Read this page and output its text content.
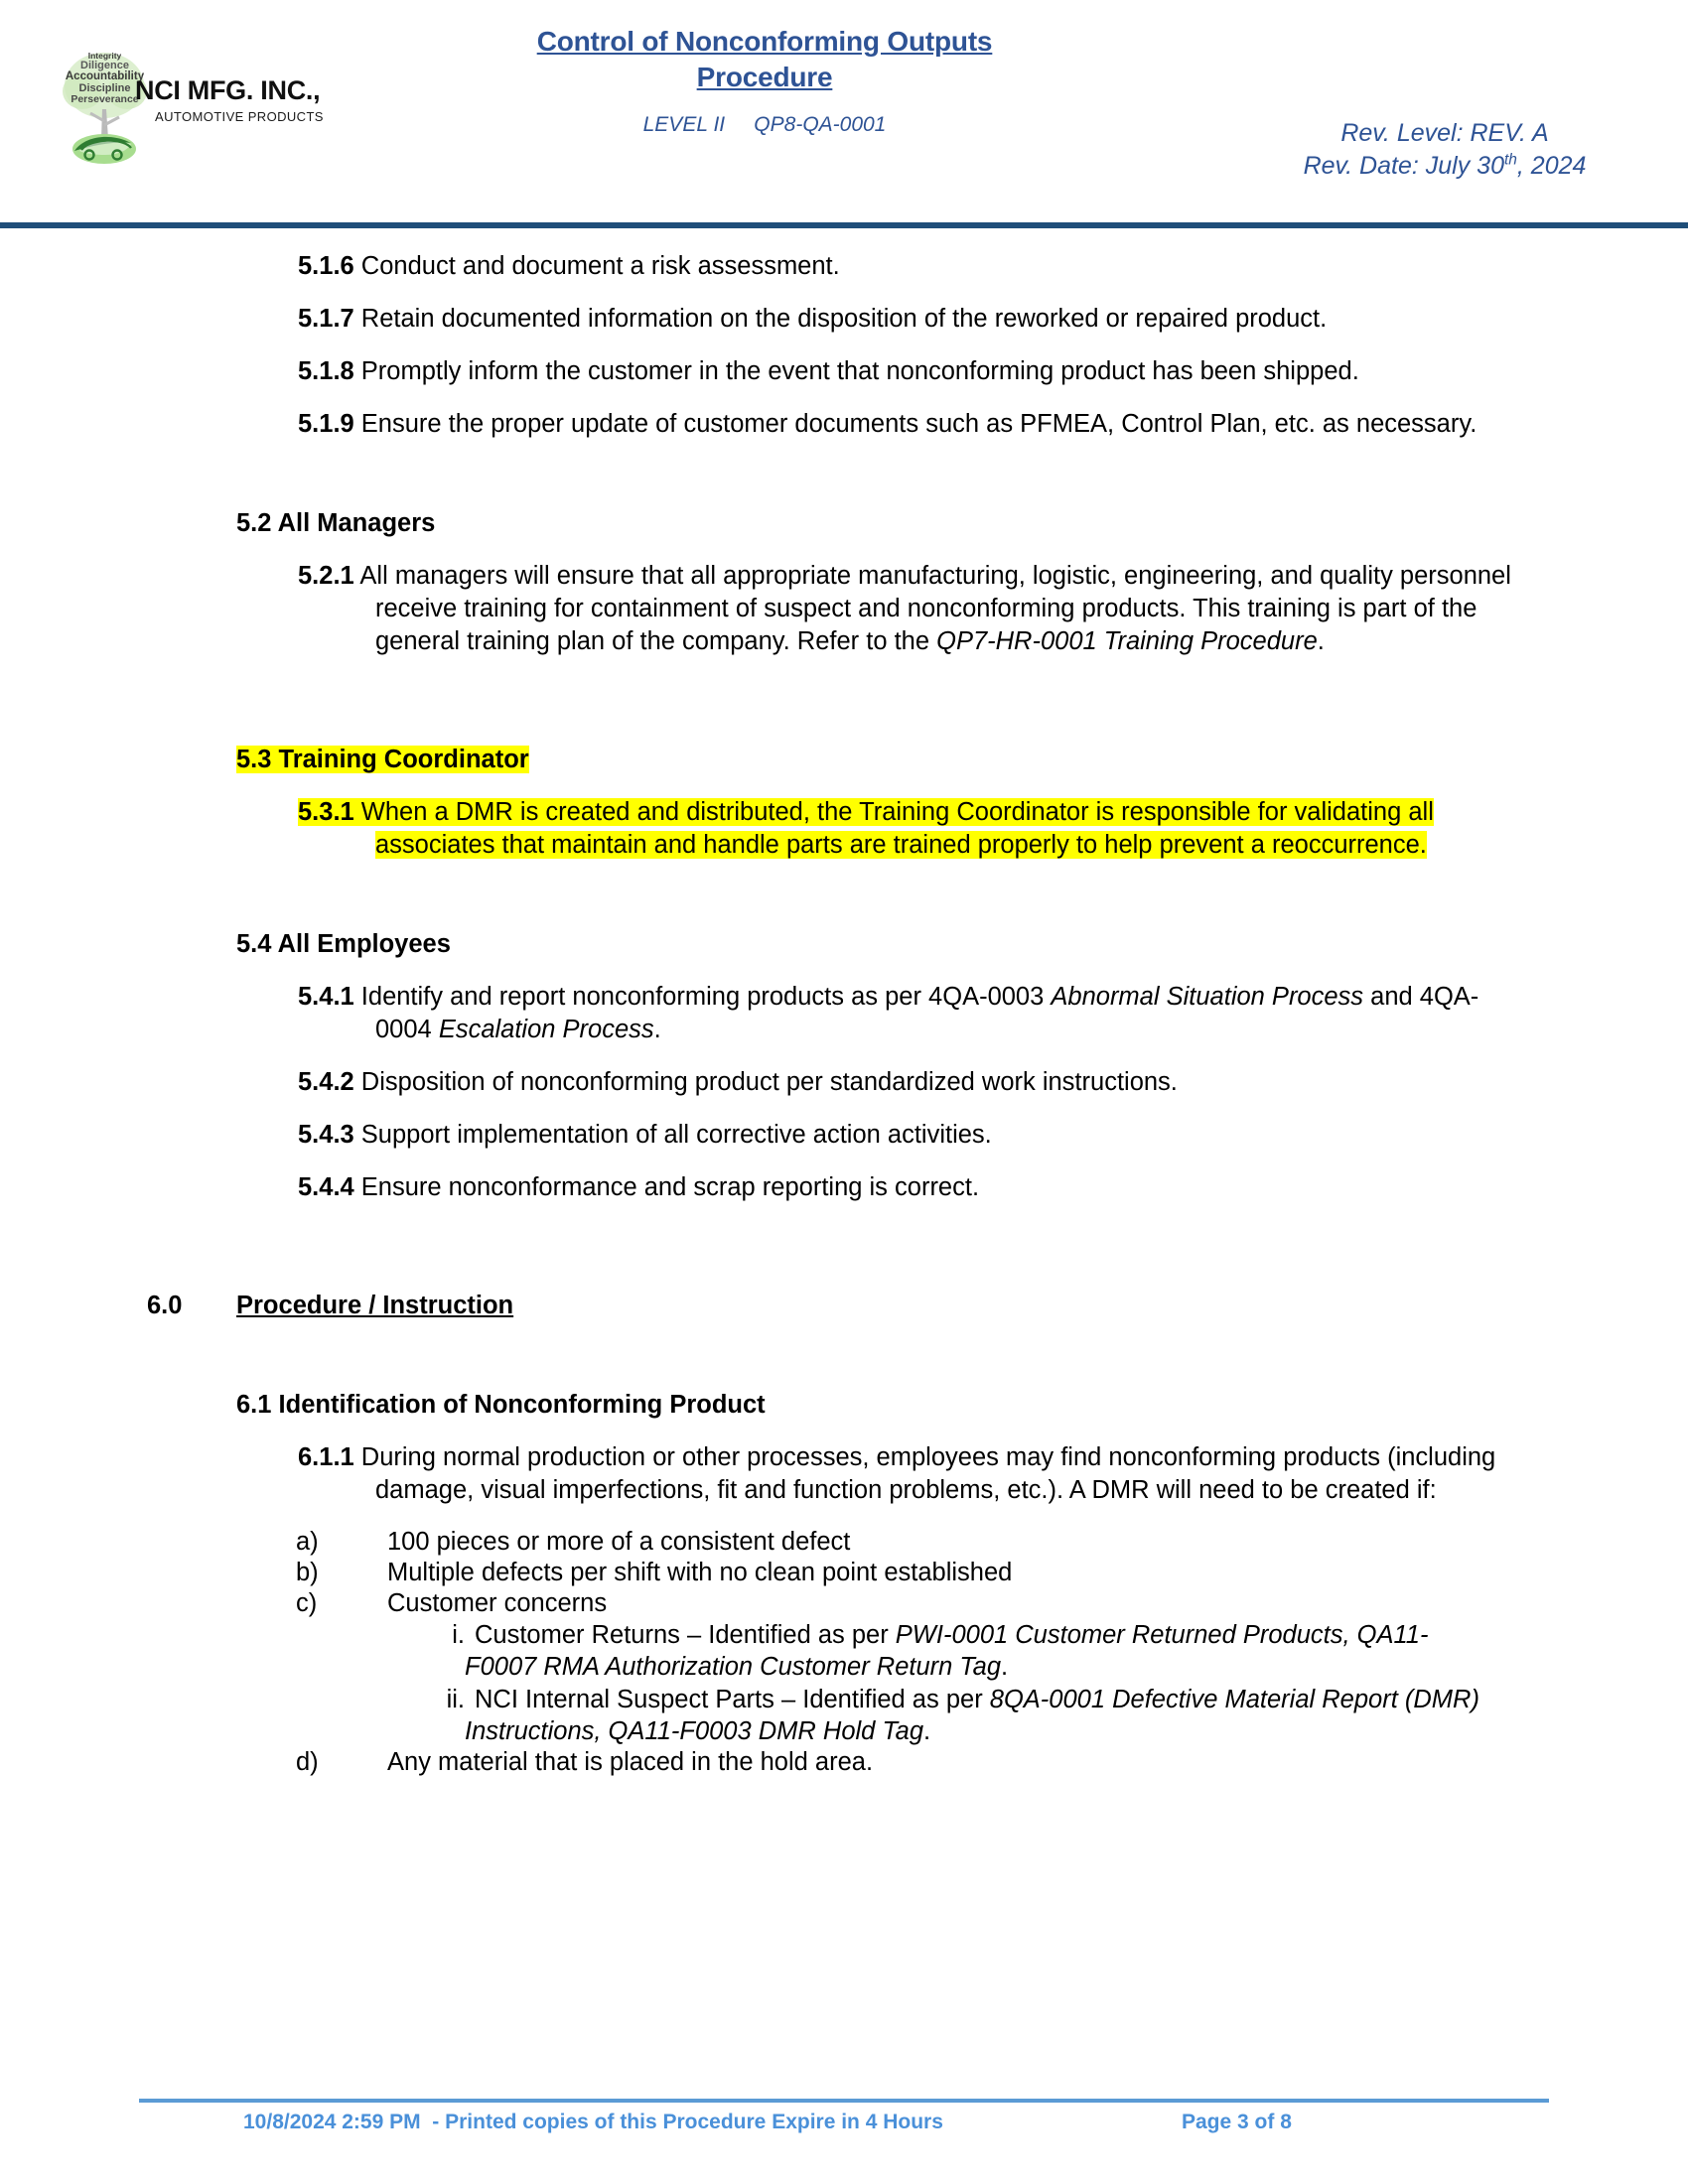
Integrity
Diligence
Accountability
Discipline
Perseverance
NCI MFG. INC.,
AUTOMOTIVE PRODUCTS
Control of Nonconforming Outputs
Procedure
LEVEL II     QP8-QA-0001	Rev. Level: REV. A
Rev. Date: July 30th, 2024

5.1.6 Conduct and document a risk assessment.

5.1.7 Retain documented information on the disposition of the reworked or repaired product.

5.1.8 Promptly inform the customer in the event that nonconforming product has been shipped.

5.1.9 Ensure the proper update of customer documents such as PFMEA, Control Plan, etc. as necessary.

5.2 All Managers

5.2.1 All managers will ensure that all appropriate manufacturing, logistic, engineering, and quality personnel receive training for containment of suspect and nonconforming products. This training is part of the general training plan of the company. Refer to the QP7-HR-0001 Training Procedure.

5.3 Training Coordinator

5.3.1 When a DMR is created and distributed, the Training Coordinator is responsible for validating all associates that maintain and handle parts are trained properly to help prevent a reoccurrence.

5.4 All Employees

5.4.1 Identify and report nonconforming products as per 4QA-0003 Abnormal Situation Process and 4QA-0004 Escalation Process.

5.4.2 Disposition of nonconforming product per standardized work instructions.

5.4.3 Support implementation of all corrective action activities.

5.4.4 Ensure nonconformance and scrap reporting is correct.

6.0 Procedure / Instruction

6.1 Identification of Nonconforming Product

6.1.1 During normal production or other processes, employees may find nonconforming products (including damage, visual imperfections, fit and function problems, etc.). A DMR will need to be created if:

a)	100 pieces or more of a consistent defect

b)	Multiple defects per shift with no clean point established

c)	Customer concerns

i. Customer Returns – Identified as per PWI-0001 Customer Returned Products, QA11-F0007 RMA Authorization Customer Return Tag.

ii. NCI Internal Suspect Parts – Identified as per 8QA-0001 Defective Material Report (DMR) Instructions, QA11-F0003 DMR Hold Tag.

d)	Any material that is placed in the hold area.

10/8/2024 2:59 PM  - Printed copies of this Procedure Expire in 4 Hours	Page 3 of 8
